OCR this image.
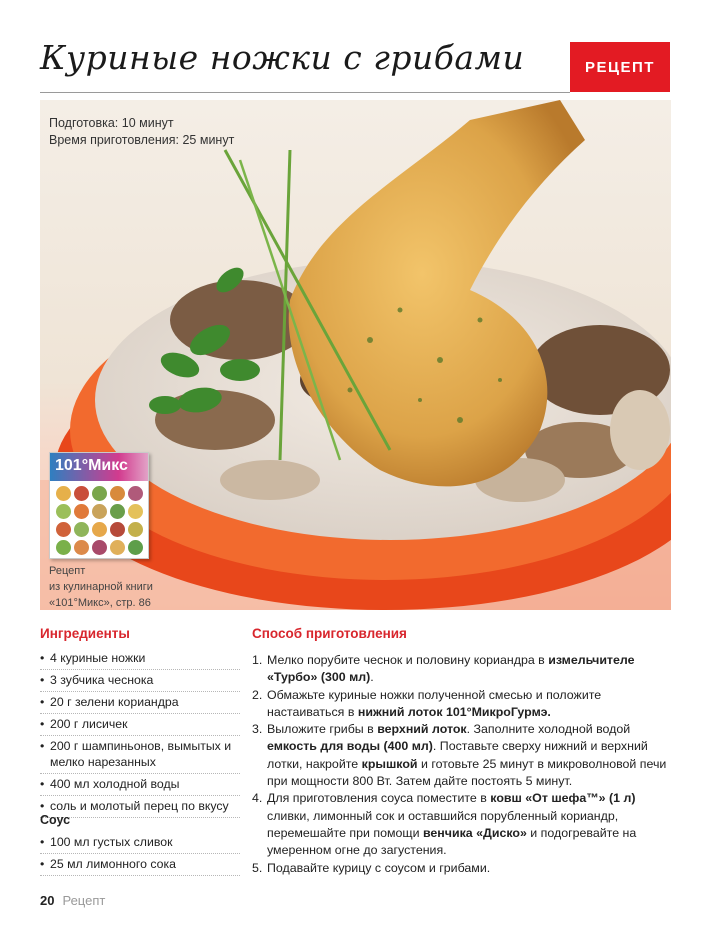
Куриные ножки с грибами	РЕЦЕПТ
Подготовка: 10 минут
Время приготовления: 25 минут
101°Микс
Рецепт
из кулинарной книги
«101°Микс», стр. 86
Ингредиенты
• 4 куриные ножки
• 3 зубчика чеснока
• 20 г зелени кориандра
• 200 г лисичек
• 200 г шампиньонов, вымытых и мелко нарезанных
• 400 мл холодной воды
• соль и молотый перец по вкусу
Соус
• 100 мл густых сливок
• 25 мл лимонного сока
Способ приготовления
1. Мелко порубите чеснок и половину кориандра в измельчителе «Турбо» (300 мл).
2. Обмажьте куриные ножки полученной смесью и положите настаиваться в нижний лоток 101°МикроГурмэ.
3. Выложите грибы в верхний лоток. Заполните холодной водой емкость для воды (400 мл). Поставьте сверху нижний и верхний лотки, накройте крышкой и готовьте 25 минут в микроволновой печи при мощности 800 Вт. Затем дайте постоять 5 минут.
4. Для приготовления соуса поместите в ковш «От шефа™» (1 л) сливки, лимонный сок и оставшийся порубленный кориандр, перемешайте при помощи венчика «Диско» и подогревайте на умеренном огне до загустения.
5. Подавайте курицу с соусом и грибами.
20 Рецепт
